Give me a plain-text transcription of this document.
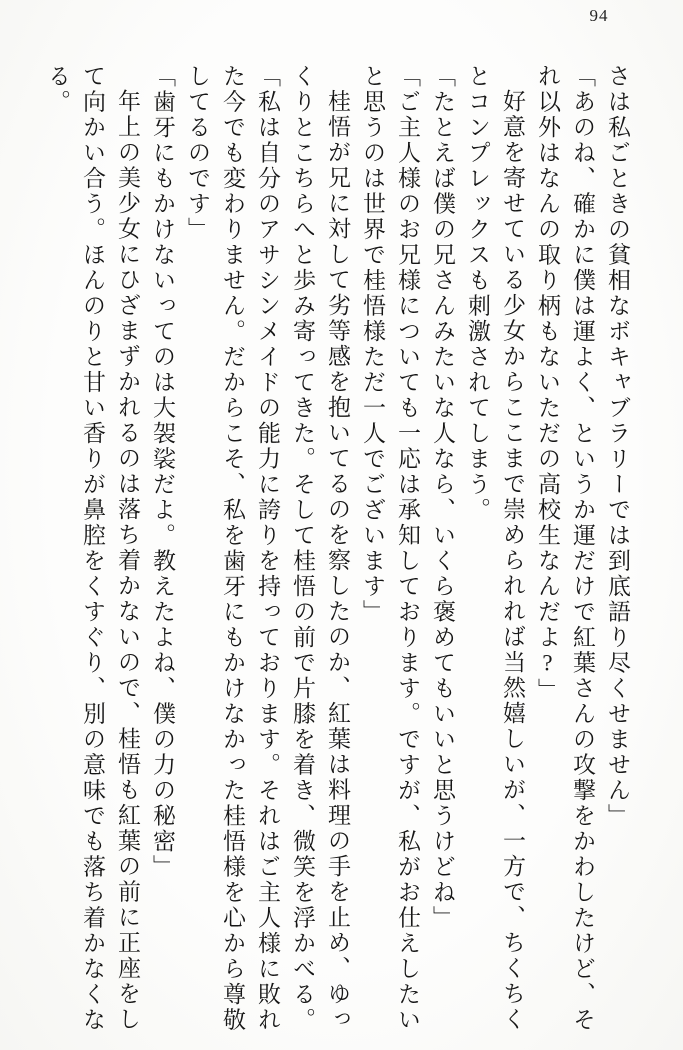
94

さは私ごときの貧相なボキャブラリーでは到底語り尽くせません」

「あのね、確かに僕は運よく、というか運だけで紅葉さんの攻撃をかわしたけど、そ

れ以外はなんの取り柄もないただの高校生なんだよ?」

好意を寄せている少女からここまで崇められれば当然嬉しいが、一方で、ちくちく

とコンプレックスも刺激されてしまう。

「たとえば僕の兄さんみたいな人なら、いくら褒めてもいいと思うけどね」

「ご主人様のお兄様についても一応は承知しております。ですが、私がお仕えしたい

と思うのは世界で桂悟様ただ一人でございます」

桂悟が兄に対して劣等感を抱いてるのを察したのか、紅葉は料理の手を止め、ゆっ

くりとこちらへと歩み寄ってきた。そして桂悟の前で片膝を着き、微笑を浮かべる。

「私は自分のアサシンメイドの能力に誇りを持っております。それはご主人様に敗れ

た今でも変わりません。だからこそ、私を歯牙にもかけなかった桂悟様を心から尊敬

してるのです」

「歯牙にもかけないってのは大袈裟だよ。教えたよね、僕の力の秘密」

年上の美少女にひざまずかれるのは落ち着かないので、桂悟も紅葉の前に正座をし

て向かい合う。ほんのりと甘い香りが鼻腔をくすぐり、別の意味でも落ち着かなくな

る。
